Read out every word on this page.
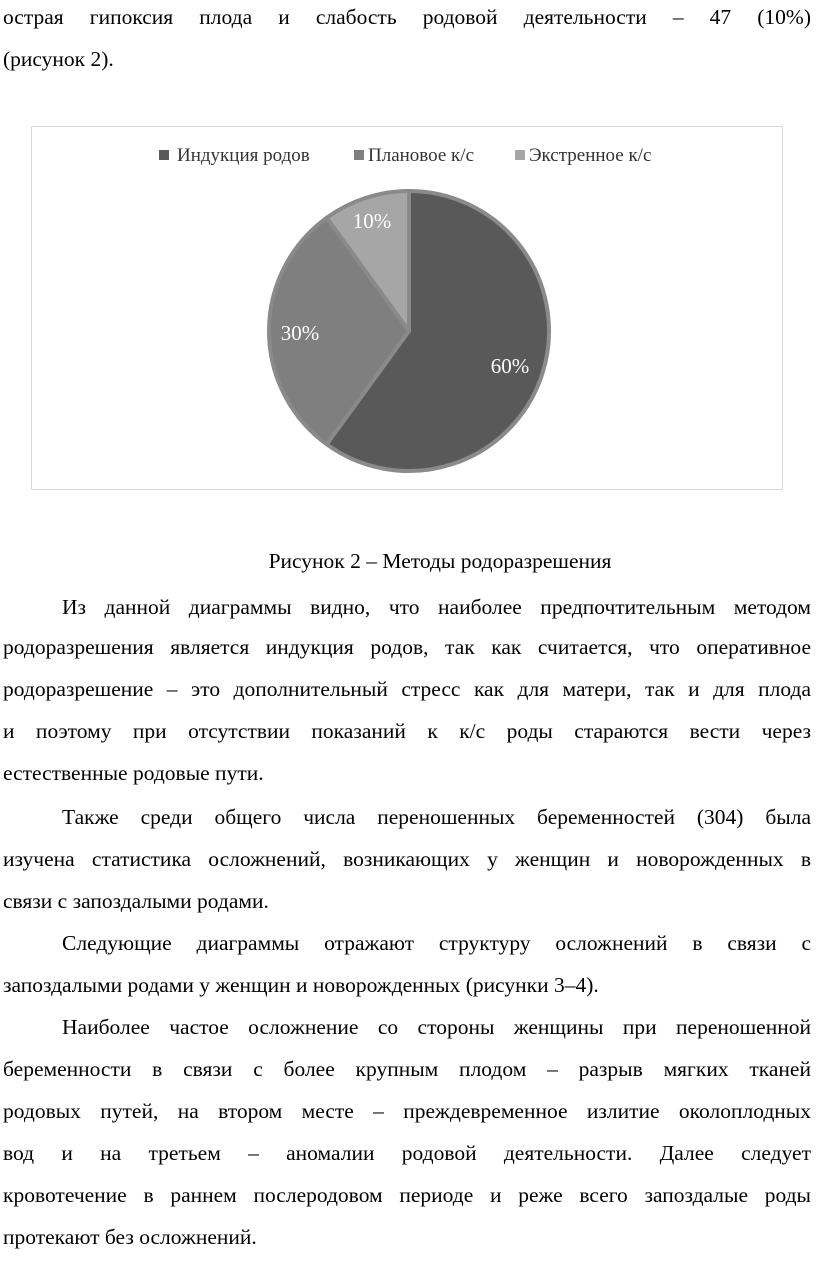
острая гипоксия плода и слабость родовой деятельности – 47 (10%)
(рисунок 2).
Индукция родов	Плановое к/с	Экстренное к/с
60%
30%
10%
Рисунок 2 – Методы родоразрешения
Из данной диаграммы видно, что наиболее предпочтительным методом
родоразрешения является индукция родов, так как считается, что оперативное
родоразрешение – это дополнительный стресс как для матери, так и для плода
и поэтому при отсутствии показаний к к/с роды стараются вести через
естественные родовые пути.
Также среди общего числа переношенных беременностей (304) была
изучена статистика осложнений, возникающих у женщин и новорожденных в
связи с запоздалыми родами.
Следующие диаграммы отражают структуру осложнений в связи с
запоздалыми родами у женщин и новорожденных (рисунки 3–4).
Наиболее частое осложнение со стороны женщины при переношенной
беременности в связи с более крупным плодом – разрыв мягких тканей
родовых путей, на втором месте – преждевременное излитие околоплодных
вод и на третьем – аномалии родовой деятельности. Далее следует
кровотечение в раннем послеродовом периоде и реже всего запоздалые роды
протекают без осложнений.
